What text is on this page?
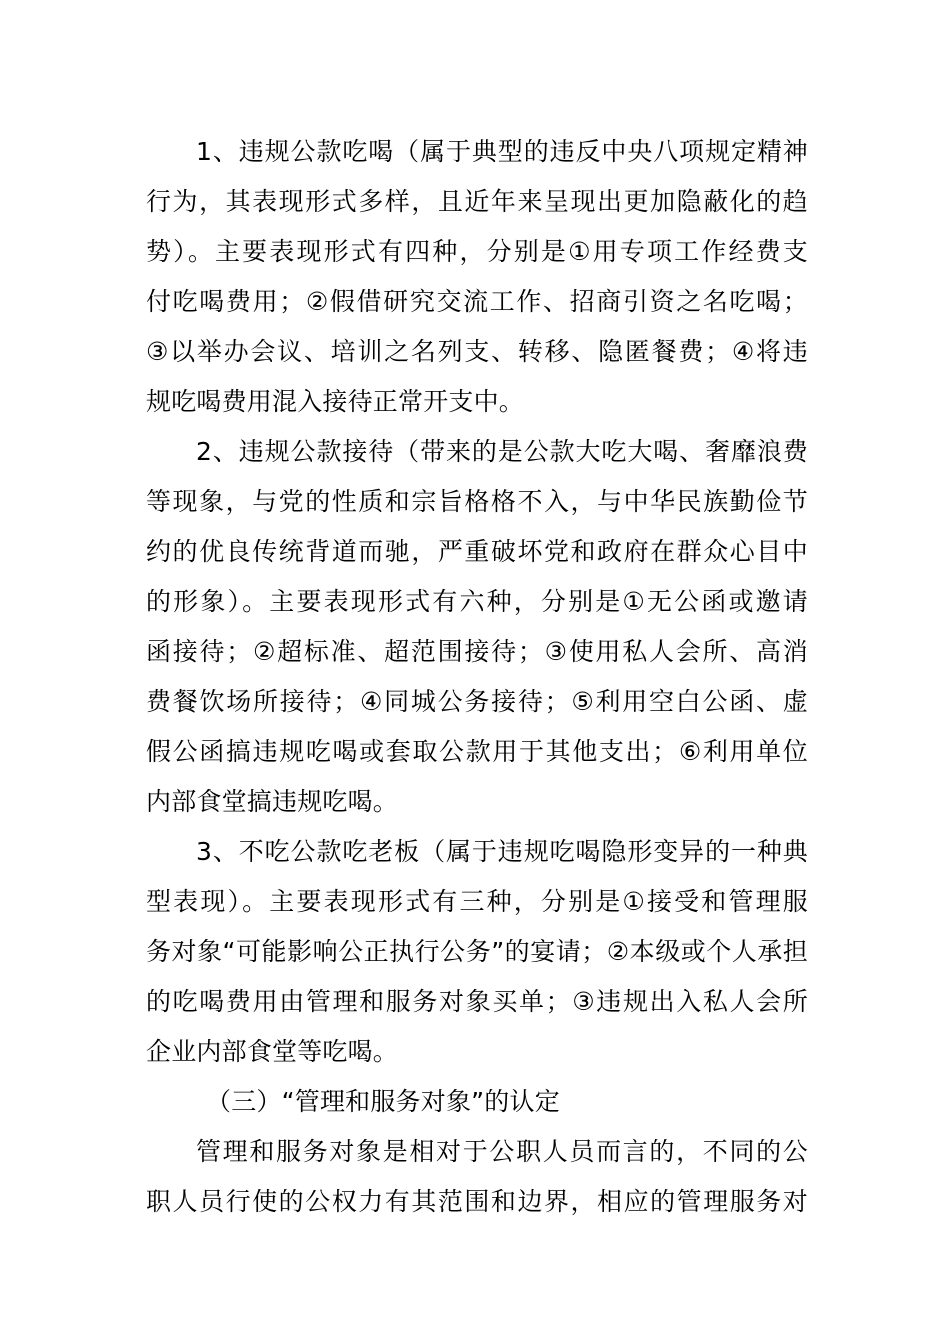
1、违规公款吃喝（属于典型的违反中央八项规定精神
行为，其表现形式多样，且近年来呈现出更加隐蔽化的趋
势）。主要表现形式有四种，分别是①用专项工作经费支
付吃喝费用；②假借研究交流工作、招商引资之名吃喝；
③以举办会议、培训之名列支、转移、隐匿餐费；④将违
规吃喝费用混入接待正常开支中。
2、违规公款接待（带来的是公款大吃大喝、奢靡浪费
等现象，与党的性质和宗旨格格不入，与中华民族勤俭节
约的优良传统背道而驰，严重破坏党和政府在群众心目中
的形象）。主要表现形式有六种，分别是①无公函或邀请
函接待；②超标准、超范围接待；③使用私人会所、高消
费餐饮场所接待；④同城公务接待；⑤利用空白公函、虚
假公函搞违规吃喝或套取公款用于其他支出；⑥利用单位
内部食堂搞违规吃喝。
3、不吃公款吃老板（属于违规吃喝隐形变异的一种典
型表现）。主要表现形式有三种，分别是①接受和管理服
务对象“可能影响公正执行公务”的宴请；②本级或个人承担
的吃喝费用由管理和服务对象买单；③违规出入私人会所
企业内部食堂等吃喝。
（三）“管理和服务对象”的认定
管理和服务对象是相对于公职人员而言的，不同的公
职人员行使的公权力有其范围和边界，相应的管理服务对
